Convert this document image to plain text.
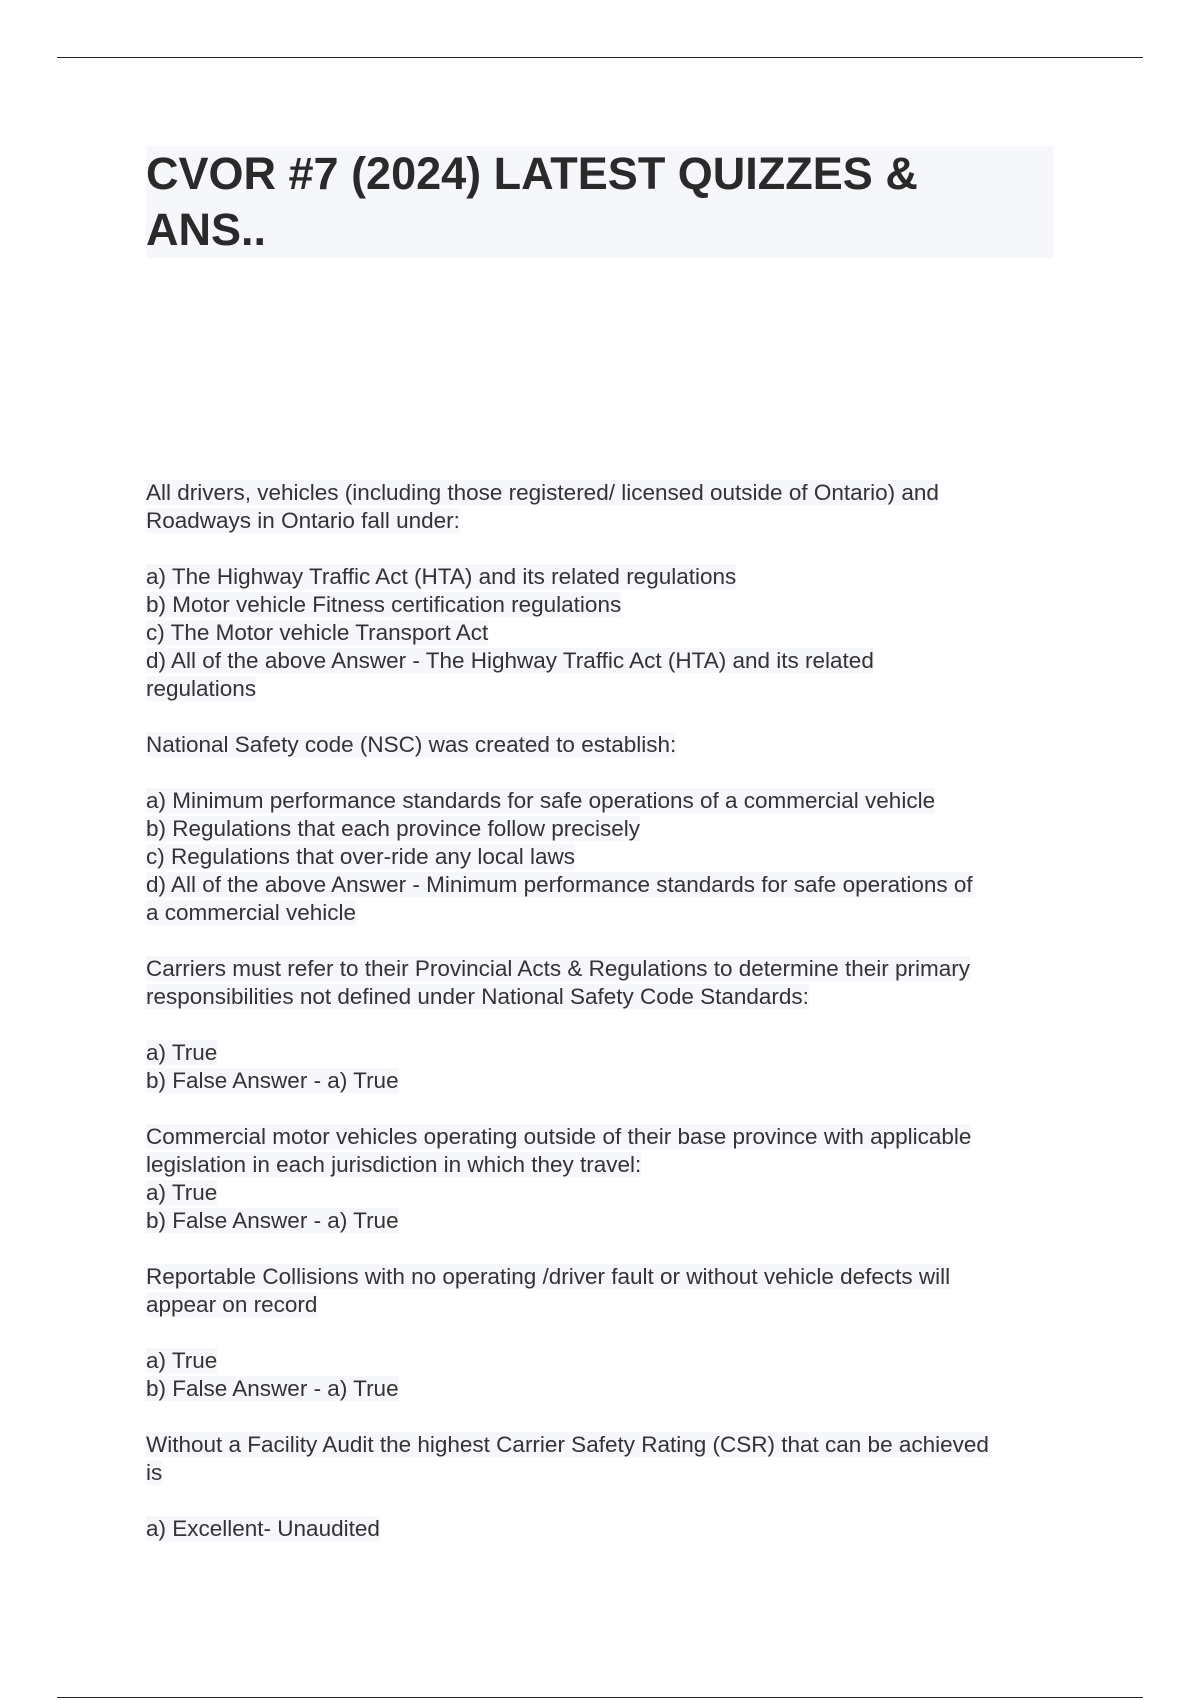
CVOR #7 (2024) LATEST QUIZZES &
ANS..
All drivers, vehicles (including those registered/ licensed outside of Ontario) and
Roadways in Ontario fall under:
a) The Highway Traffic Act (HTA) and its related regulations
b) Motor vehicle Fitness certification regulations
c) The Motor vehicle Transport Act
d) All of the above Answer - The Highway Traffic Act (HTA) and its related
regulations
National Safety code (NSC) was created to establish:
a) Minimum performance standards for safe operations of a commercial vehicle
b) Regulations that each province follow precisely
c) Regulations that over-ride any local laws
d) All of the above Answer - Minimum performance standards for safe operations of
a commercial vehicle
Carriers must refer to their Provincial Acts & Regulations to determine their primary
responsibilities not defined under National Safety Code Standards:
a) True
b) False Answer - a) True
Commercial motor vehicles operating outside of their base province with applicable
legislation in each jurisdiction in which they travel:
a) True
b) False Answer - a) True
Reportable Collisions with no operating /driver fault or without vehicle defects will
appear on record
a) True
b) False Answer - a) True
Without a Facility Audit the highest Carrier Safety Rating (CSR) that can be achieved
is
a) Excellent- Unaudited
